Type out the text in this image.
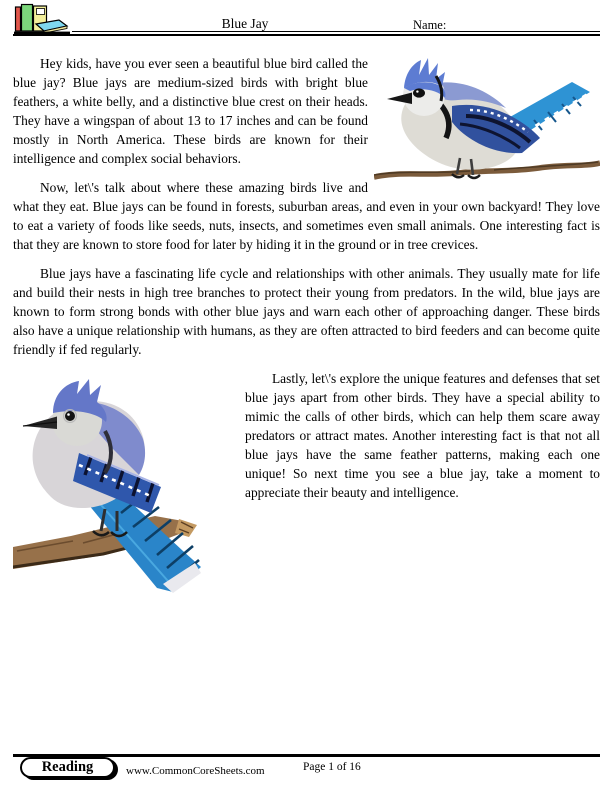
Blue Jay	Name:

Hey kids, have you ever seen a beautiful blue bird called the blue jay? Blue jays are medium-sized birds with bright blue feathers, a white belly, and a distinctive blue crest on their heads. They have a wingspan of about 13 to 17 inches and can be found mostly in North America. These birds are known for their intelligence and complex social behaviors.

Now, let\'s talk about where these amazing birds live and what they eat. Blue jays can be found in forests, suburban areas, and even in your own backyard! They love to eat a variety of foods like seeds, nuts, insects, and sometimes even small animals. One interesting fact is that they are known to store food for later by hiding it in the ground or in tree crevices.

Blue jays have a fascinating life cycle and relationships with other animals. They usually mate for life and build their nests in high tree branches to protect their young from predators. In the wild, blue jays are known to form strong bonds with other blue jays and warn each other of approaching danger. These birds also have a unique relationship with humans, as they are often attracted to bird feeders and can become quite friendly if fed regularly.

Lastly, let\'s explore the unique features and defenses that set blue jays apart from other birds. They have a special ability to mimic the calls of other birds, which can help them scare away predators or attract mates. Another interesting fact is that not all blue jays have the same feather patterns, making each one unique! So next time you see a blue jay, take a moment to appreciate their beauty and intelligence.

Reading	www.CommonCoreSheets.com	Page 1 of 16
